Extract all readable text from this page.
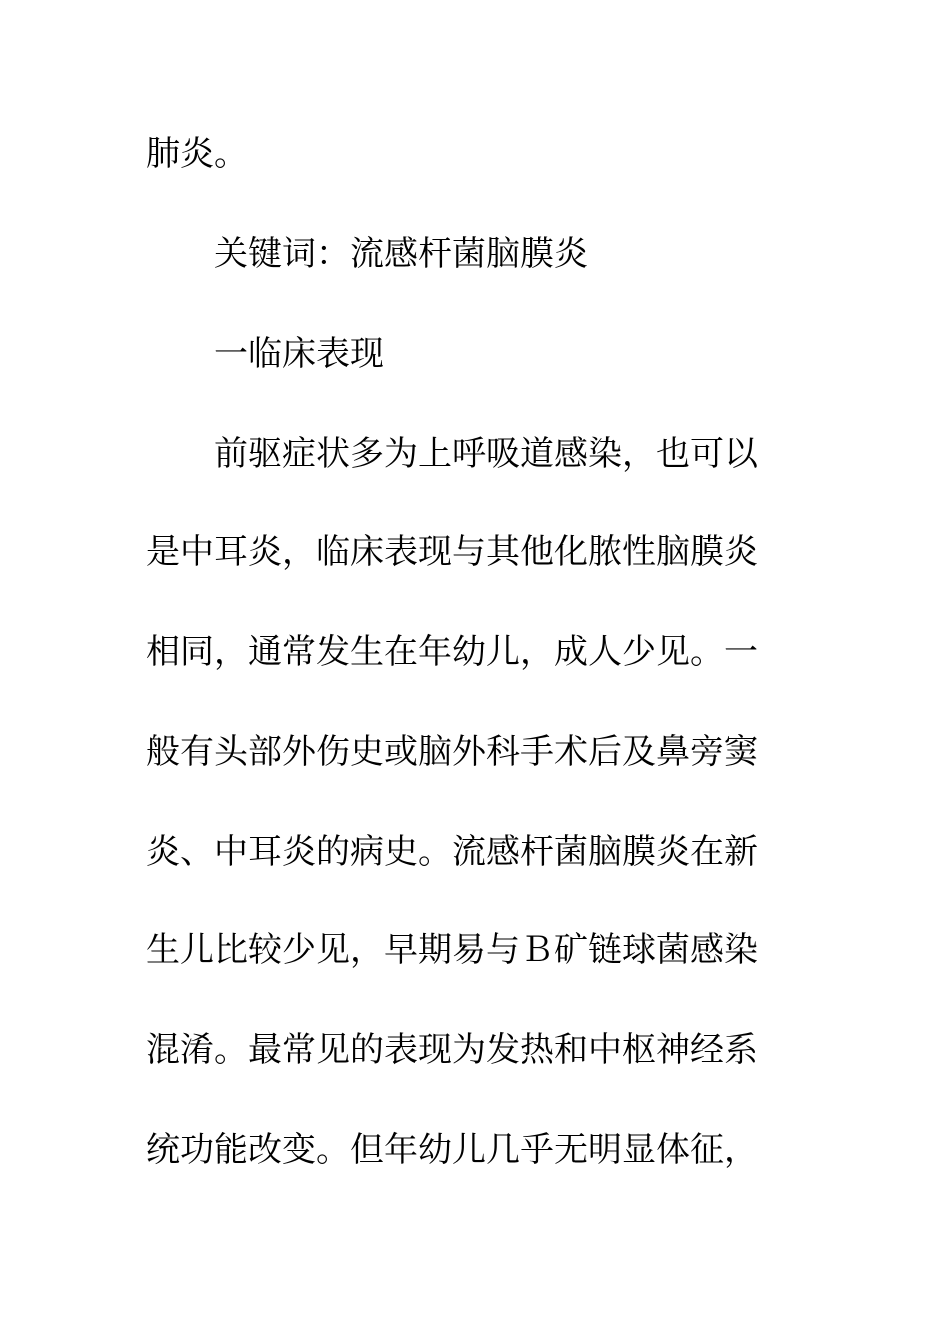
肺炎。

关键词：流感杆菌脑膜炎

一临床表现

前驱症状多为上呼吸道感染，也可以

是中耳炎，临床表现与其他化脓性脑膜炎

相同，通常发生在年幼儿，成人少见。一

般有头部外伤史或脑外科手术后及鼻旁窦

炎、中耳炎的病史。流感杆菌脑膜炎在新

生儿比较少见，早期易与Ｂ矿链球菌感染

混淆。最常见的表现为发热和中枢神经系

统功能改变。但年幼儿几乎无明显体征，
